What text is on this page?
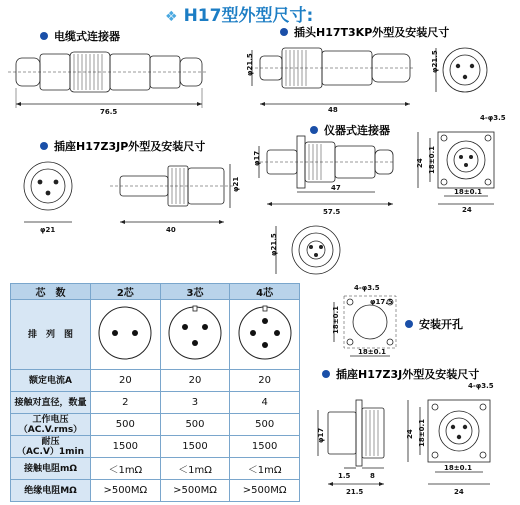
❖ H17型外型尺寸:
电缆式连接器	插头H17T3KP外型及安装尺寸
插座H17Z3JP外型及安装尺寸
仪器式连接器
安装开孔
插座H17Z3J外型及安装尺寸
76.5
φ21.5
48
φ21.5
φ21
φ21
40
φ17
47
57.5
4-φ3.5
24 18±0.1
18±0.1
24
φ21.5
4-φ3.5
φ17.5
18±0.1
18±0.1
φ17
1.5	8
21.5
4-φ3.5
24 18±0.1
18±0.1
24
芯　数	2芯	3芯	4芯
排　列　图			
额定电流A	20	20	20
接触对直径，数量	2	3	4
工作电压
（AC.V.rms）	500	500	500
耐压
（AC.V）1min	1500	1500	1500
接触电阻mΩ	＜1mΩ	＜1mΩ	＜1mΩ
绝缘电阻MΩ	>500MΩ	>500MΩ	>500MΩ
